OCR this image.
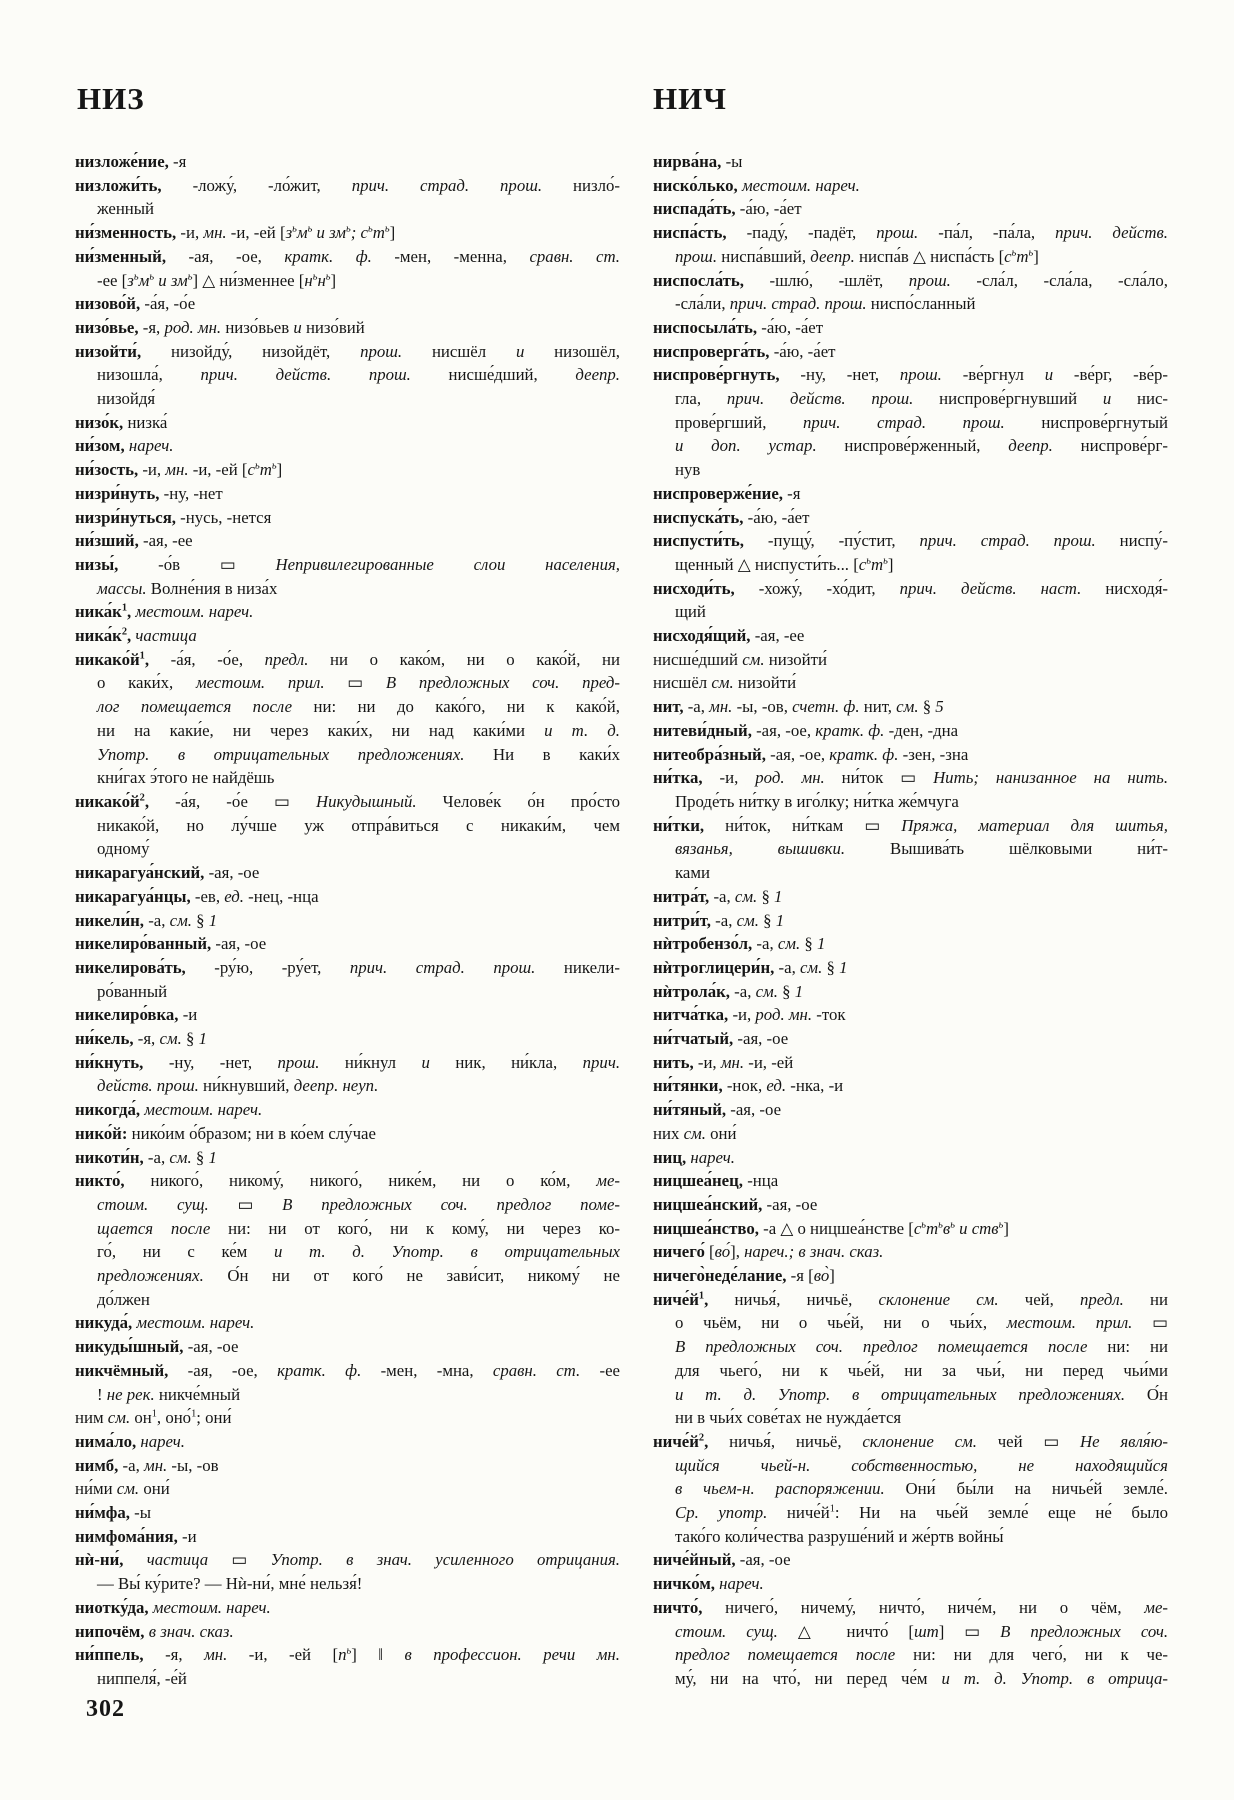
НИЗ	НИЧ
низложе́ние, -я
низложи́ть, -ложу́, -ло́жит, прич. страд. прош. низло́-
женный
ни́зменность, -и, мн. -и, -ей [$з^ьм^ь$ и $зм^ь$; $с^ьт^ь$]
ни́зменный, -ая, -ое, кратк. ф. -мен, -менна, сравн. ст.
-ее [$з^ьм^ь$ и $зм^ь$] △ ни́зменнее $[н^ьн^ь]$
низово́й, -а́я, -о́е
низо́вье, -я, род. мн. низо́вьев и низо́вий
низойти́, низойду́, низойдёт, прош. нисшёл и низошёл,
низошла́, прич. действ. прош. нисше́дший, деепр.
низойдя́
низо́к, низка́
ни́зом, нареч.
ни́зость, -и, мн. -и, -ей $[с^ьт^ь]$
низри́нуть, -ну, -нет
низри́нуться, -нусь, -нется
ни́зший, -ая, -ее
низы́, -о́в ▭ Непривилегированные слои населения,
массы. Волне́ния в низа́х
$ника́к^1$, местоим. нареч.
$ника́к^2$, частица
$никако́й^1$, -а́я, -о́е, предл. ни о како́м, ни о како́й, ни
о каки́х, местоим. прил. ▭ В предложных соч. пред-
лог помещается после ни: ни до како́го, ни к како́й,
ни на каки́е, ни через каки́х, ни над каки́ми и т. д.
Употр. в отрицательных предложениях. Ни в каки́х
кни́гах э́того не найдёшь
$никако́й^2$, -а́я, -о́е ▭ Никудышный. Челове́к о́н про́сто
никако́й, но лу́чше уж отпра́виться с никаки́м, чем
одному́
никарагуа́нский, -ая, -ое
никарагуа́нцы, -ев, ед. -нец, -нца
никели́н, -а, см. § 1
никелиро́ванный, -ая, -ое
никелирова́ть, -ру́ю, -ру́ет, прич. страд. прош. никели-
ро́ванный
никелиро́вка, -и
ни́кель, -я, см. § 1
ни́кнуть, -ну, -нет, прош. ни́кнул и ник, ни́кла, прич.
действ. прош. ни́кнувший, деепр. неуп.
никогда́, местоим. нареч.
нико́й: нико́им о́бразом; ни в ко́ем слу́чае
никоти́н, -а, см. § 1
никто́, никого́, никому́, никого́, нике́м, ни о ко́м, ме-
стоим. сущ. ▭ В предложных соч. предлог поме-
щается после ни: ни от кого́, ни к кому́, ни через ко-
го́, ни с ке́м и т. д. Употр. в отрицательных
предложениях. О́н ни от кого́ не зави́сит, никому́ не
до́лжен
никуда́, местоим. нареч.
никуды́шный, -ая, -ое
никчёмный, -ая, -ое, кратк. ф. -мен, -мна, сравн. ст. -ее
! не рек. никче́мный
ним см. $он^1$, оно́$^1$; они́
нима́ло, нареч.
нимб, -а, мн. -ы, -ов
ни́ми см. они́
ни́мфа, -ы
нимфома́ния, -и
нѝ-ни́, частица ▭ Употр. в знач. усиленного отрицания.
— Вы́ ку́рите? — Нѝ-ни́, мне́ нельзя́!
ниотку́да, местоим. нареч.
нипочём, в знач. сказ.
ни́ппель, -я, мн. -и, -ей $[п^ь]$ ‖ в профессион. речи мн.
ниппеля́, -е́й
нирва́на, -ы
ниско́лько, местоим. нареч.
ниспада́ть, -а́ю, -а́ет
ниспа́сть, -паду́, -падёт, прош. -па́л, -па́ла, прич. действ.
прош. ниспа́вший, деепр. ниспа́в △ ниспа́сть $[с^ьт^ь]$
ниспосла́ть, -шлю́, -шлёт, прош. -сла́л, -сла́ла, -сла́ло,
-сла́ли, прич. страд. прош. ниспо́сланный
ниспосыла́ть, -а́ю, -а́ет
ниспроверга́ть, -а́ю, -а́ет
ниспрове́ргнуть, -ну, -нет, прош. -ве́ргнул и -ве́рг, -ве́р-
гла, прич. действ. прош. ниспрове́ргнувший и нис-
прове́ргший, прич. страд. прош. ниспрове́ргнутый
и доп. устар. ниспрове́рженный, деепр. ниспрове́рг-
нув
ниспроверже́ние, -я
ниспуска́ть, -а́ю, -а́ет
ниспусти́ть, -пущу́, -пу́стит, прич. страд. прош. ниспу́-
щенный △ ниспусти́ть... $[с^ьт^ь]$
нисходи́ть, -хожу́, -хо́дит, прич. действ. наст. нисходя́-
щий
нисходя́щий, -ая, -ее
нисше́дший см. низойти́
нисшёл см. низойти́
нит, -а, мн. -ы, -ов, счетн. ф. нит, см. § 5
нитеви́дный, -ая, -ое, кратк. ф. -ден, -дна
нитеобра́зный, -ая, -ое, кратк. ф. -зен, -зна
ни́тка, -и, род. мн. ни́ток ▭ Нить; нанизанное на нить.
Проде́ть ни́тку в иго́лку; ни́тка же́мчуга
ни́тки, ни́ток, ни́ткам ▭ Пряжа, материал для шитья,
вязанья, вышивки. Вышива́ть шёлковыми ни́т-
ками
нитра́т, -а, см. § 1
нитри́т, -а, см. § 1
нѝтробензо́л, -а, см. § 1
нѝтроглицери́н, -а, см. § 1
нѝтрола́к, -а, см. § 1
нитча́тка, -и, род. мн. -ток
ни́тчатый, -ая, -ое
нить, -и, мн. -и, -ей
ни́тянки, -нок, ед. -нка, -и
ни́тяный, -ая, -ое
них см. они́
ниц, нареч.
ницшеа́нец, -нца
ницшеа́нский, -ая, -ое
ницшеа́нство, -а △ о ницшеа́нстве [$с^ьт^ьв^ь$ и ств$^ь$]
ничего́ [во́], нареч.; в знач. сказ.
ничего̀неде́лание, -я [во̀]
$ниче́й^1$, ничья́, ничьё, склонение см. чей, предл. ни
о чьём, ни о чье́й, ни о чьи́х, местоим. прил. ▭
В предложных соч. предлог помещается после ни: ни
для чьего́, ни к чье́й, ни за чьи́, ни перед чьи́ми
и т. д. Употр. в отрицательных предложениях. О́н
ни в чьи́х сове́тах не нужда́ется
$ниче́й^2$, ничья́, ничьё, склонение см. чей ▭ Не явля́ю-
щийся чьей-н. собственностью, не находящийся
в чьем-н. распоряжении. Они́ бы́ли на ничье́й земле́.
Ср. употр. $ниче́й^1$: Ни на чье́й земле́ еще не́ было
тако́го коли́чества разруше́ний и же́ртв войны́
ниче́йный, -ая, -ое
ничко́м, нареч.
ничто́, ничего́, ничему́, ничто́, ниче́м, ни о чём, ме-
стоим. сущ. △ ничто́ [шт] ▭ В предложных соч.
предлог помещается после ни: ни для чего́, ни к че-
му́, ни на что́, ни перед че́м и т. д. Употр. в отрица-
302
